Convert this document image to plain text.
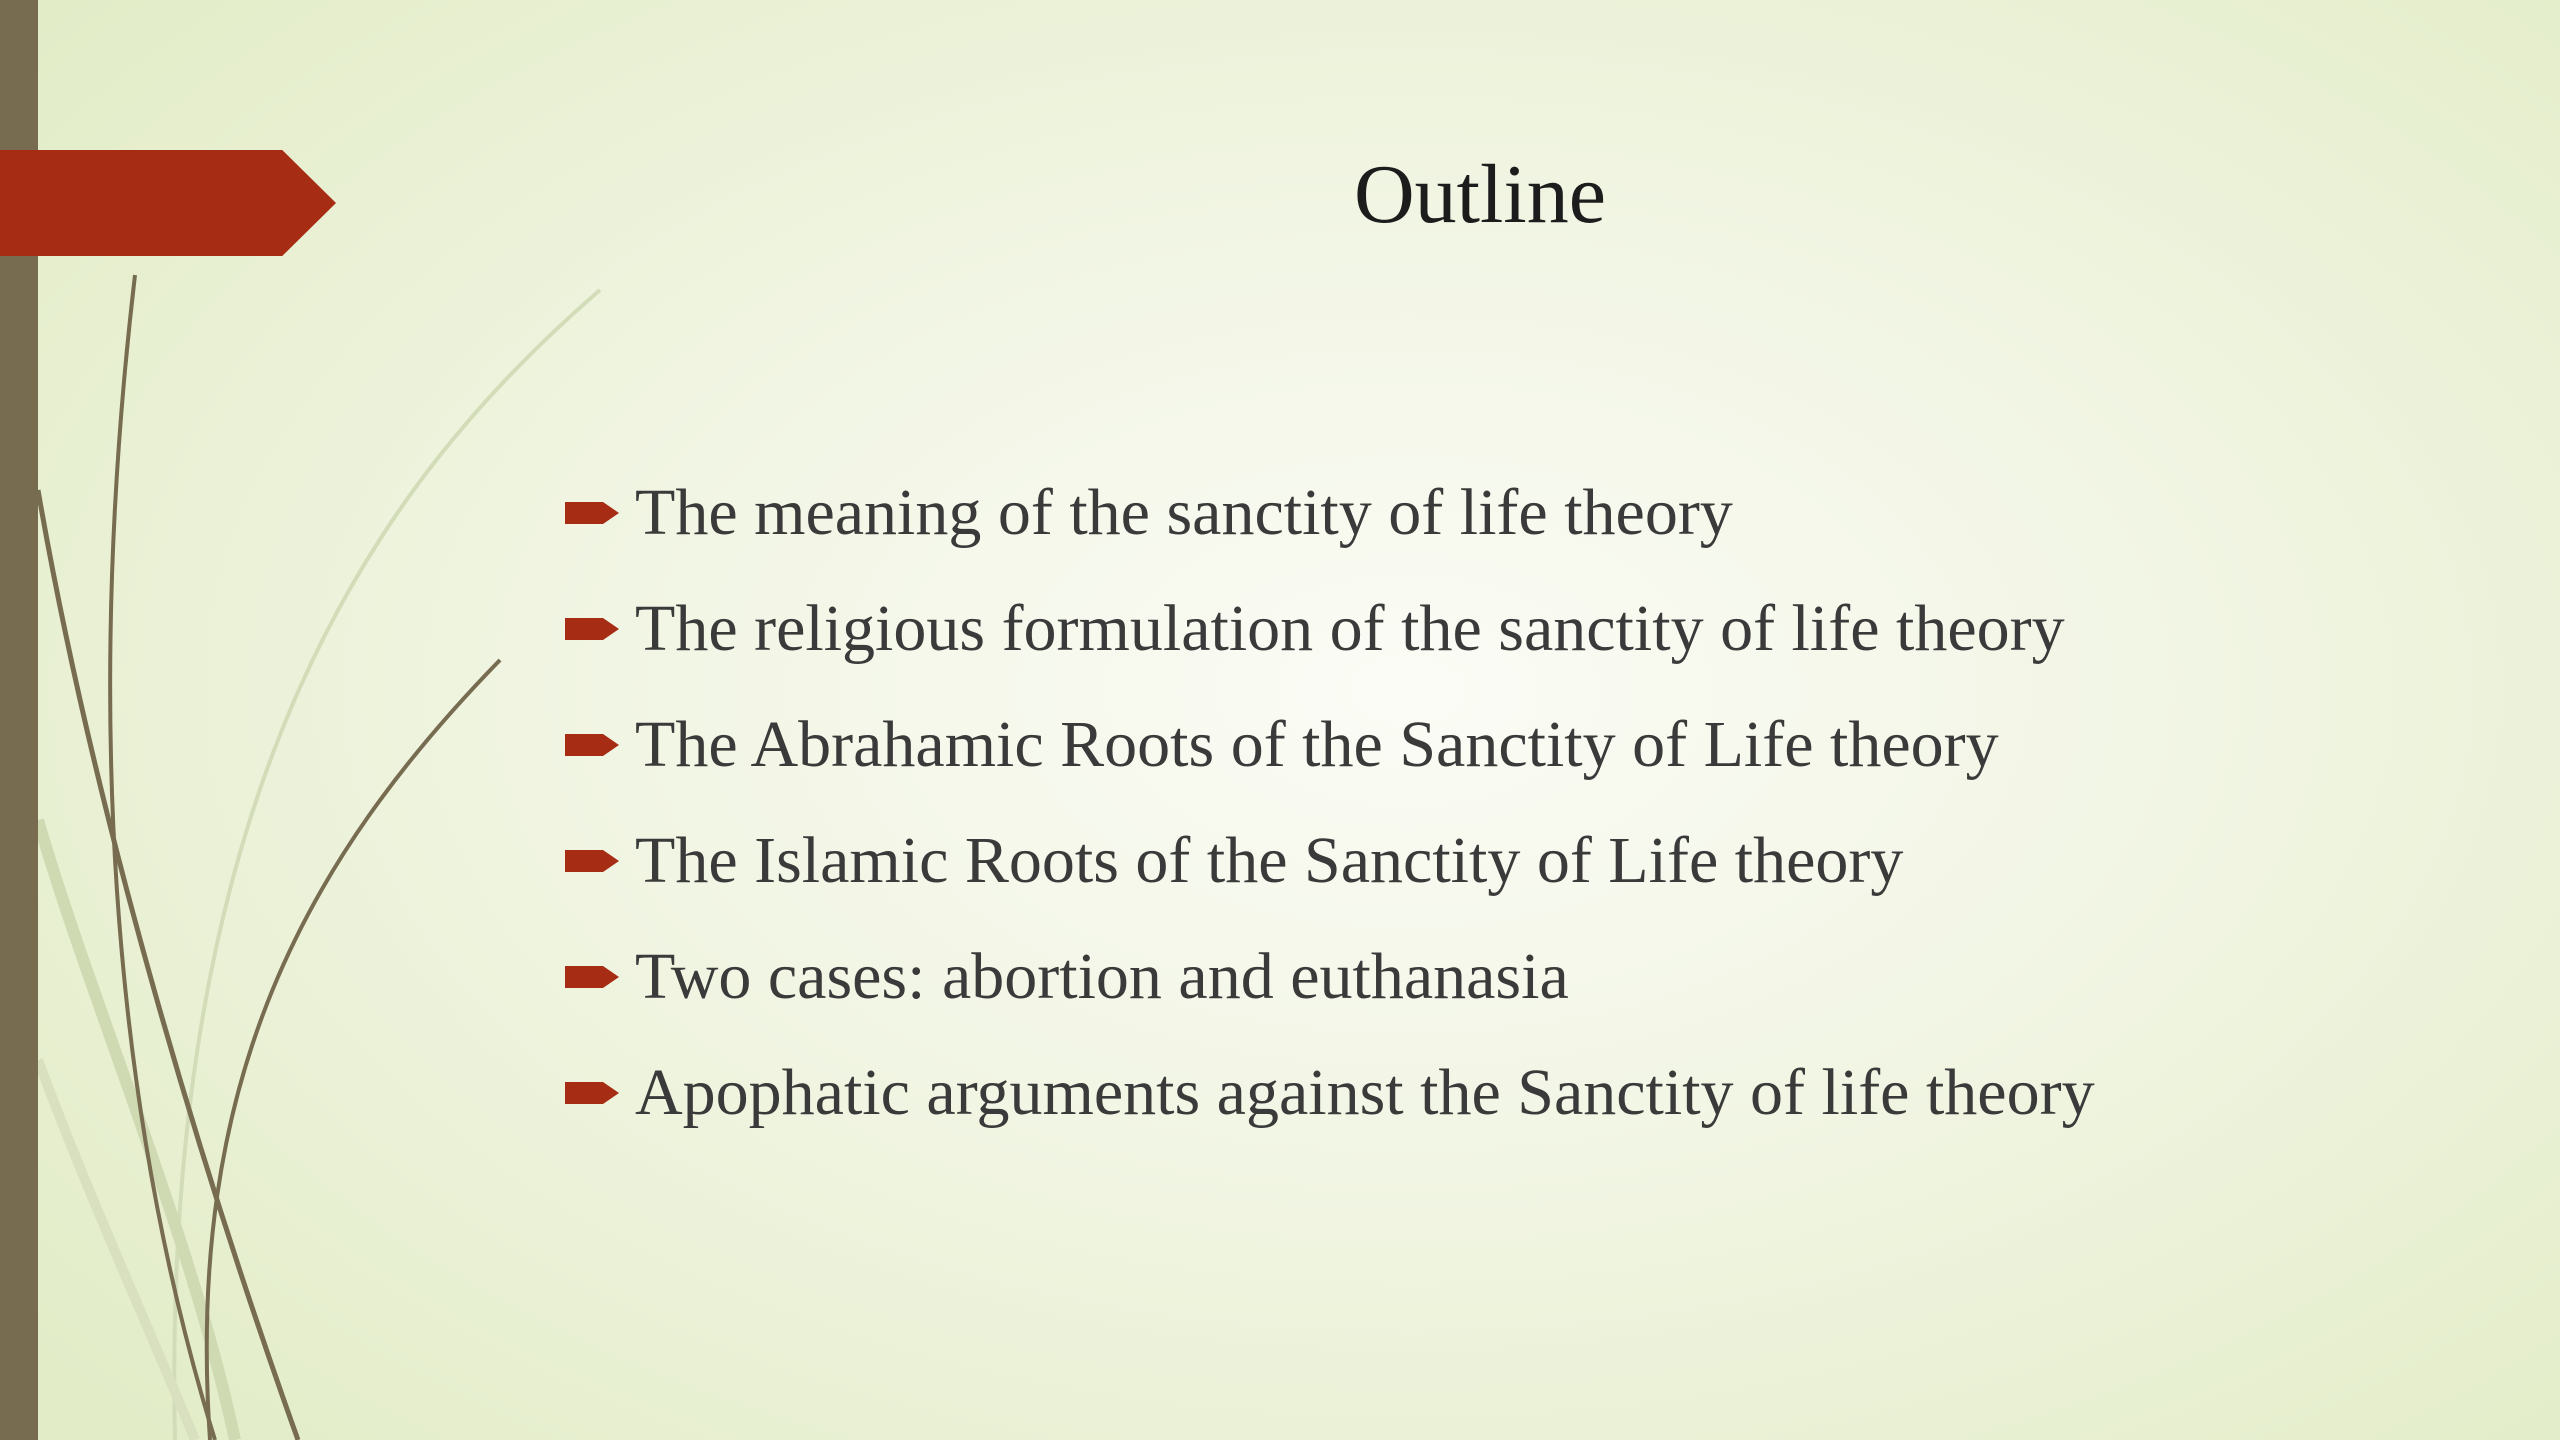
Outline
The meaning of the sanctity of life theory
The religious formulation of the sanctity of life theory
The Abrahamic Roots of the Sanctity of Life theory
The Islamic Roots of the Sanctity of Life theory
Two cases: abortion and euthanasia
Apophatic arguments against the Sanctity of life theory
